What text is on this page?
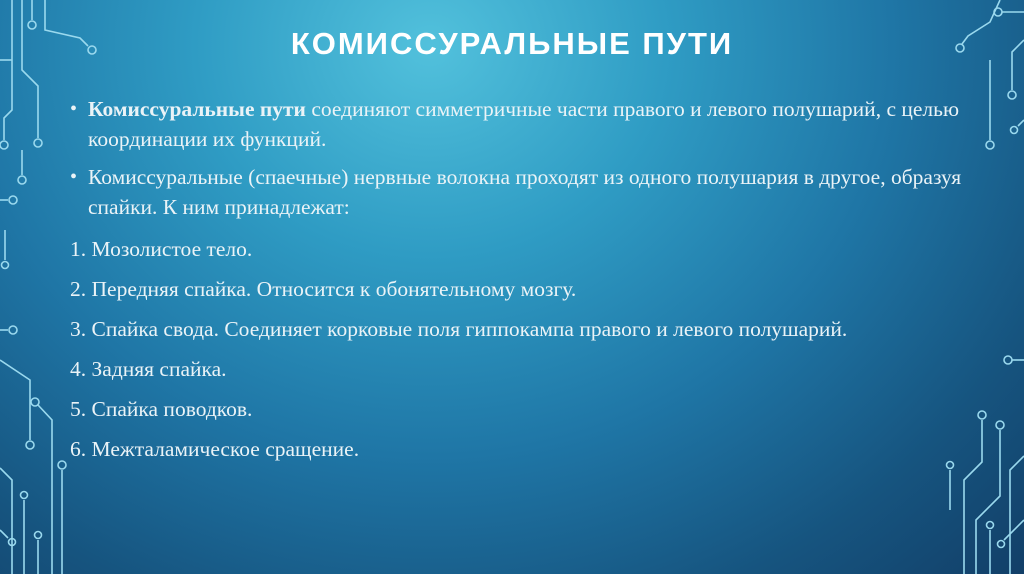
КОМИССУРАЛЬНЫЕ ПУТИ
• Комиссуральные пути соединяют симметричные части правого и левого полушарий, с целью координации их функций.
• Комиссуральные (спаечные) нервные волокна проходят из одного полушария в другое, образуя спайки. К ним принадлежат:
1. Мозолистое тело.
2. Передняя спайка. Относится к обонятельному мозгу.
3. Спайка свода. Соединяет корковые поля гиппокампа правого и левого полушарий.
4. Задняя спайка.
5. Спайка поводков.
6. Межталамическое сращение.
